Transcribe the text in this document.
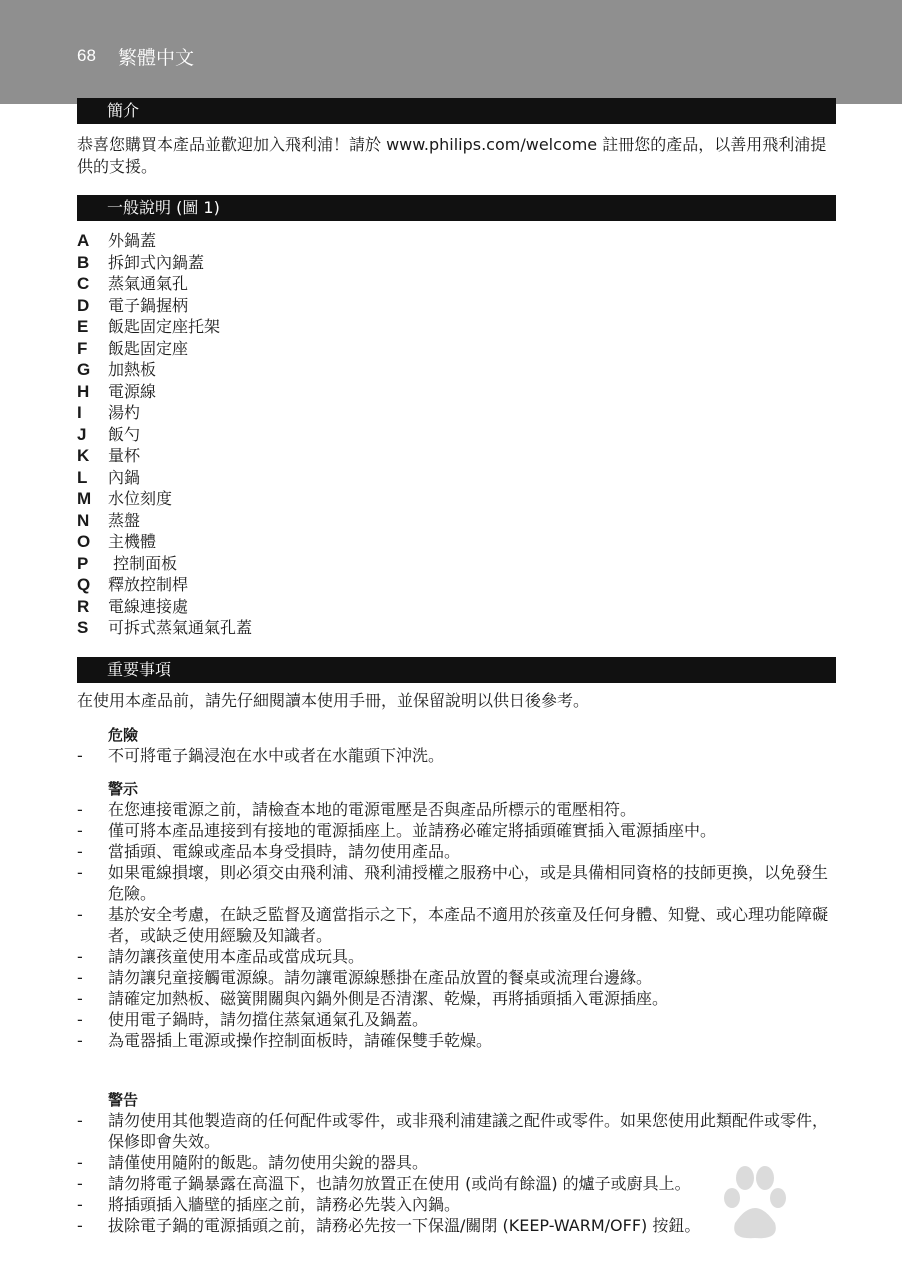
68 繁體中文
簡介
恭喜您購買本產品並歡迎加入飛利浦！請於 www.philips.com/welcome 註冊您的產品，以善用飛利浦提供的支援。
一般說明 (圖 1)
A 外鍋蓋
B 拆卸式內鍋蓋
C 蒸氣通氣孔
D 電子鍋握柄
E 飯匙固定座托架
F 飯匙固定座
G 加熱板
H 電源線
I 湯杓
J 飯勺
K 量杯
L 內鍋
M 水位刻度
N 蒸盤
O 主機體
P 控制面板
Q 釋放控制桿
R 電線連接處
S 可拆式蒸氣通氣孔蓋
重要事項
在使用本產品前，請先仔細閱讀本使用手冊，並保留說明以供日後參考。
危險
- 不可將電子鍋浸泡在水中或者在水龍頭下沖洗。
警示
- 在您連接電源之前，請檢查本地的電源電壓是否與產品所標示的電壓相符。
- 僅可將本產品連接到有接地的電源插座上。並請務必確定將插頭確實插入電源插座中。
- 當插頭、電線或產品本身受損時，請勿使用產品。
- 如果電線損壞，則必須交由飛利浦、飛利浦授權之服務中心，或是具備相同資格的技師更換，以免發生危險。
- 基於安全考慮，在缺乏監督及適當指示之下，本產品不適用於孩童及任何身體、知覺、或心理功能障礙者，或缺乏使用經驗及知識者。
- 請勿讓孩童使用本產品或當成玩具。
- 請勿讓兒童接觸電源線。請勿讓電源線懸掛在產品放置的餐桌或流理台邊緣。
- 請確定加熱板、磁簧開關與內鍋外側是否清潔、乾燥，再將插頭插入電源插座。
- 使用電子鍋時，請勿擋住蒸氣通氣孔及鍋蓋。
- 為電器插上電源或操作控制面板時，請確保雙手乾燥。
警告
- 請勿使用其他製造商的任何配件或零件，或非飛利浦建議之配件或零件。如果您使用此類配件或零件，保修即會失效。
- 請僅使用隨附的飯匙。請勿使用尖銳的器具。
- 請勿將電子鍋暴露在高溫下，也請勿放置正在使用 (或尚有餘溫) 的爐子或廚具上。
- 將插頭插入牆壁的插座之前，請務必先裝入內鍋。
- 拔除電子鍋的電源插頭之前，請務必先按一下保溫/關閉 (KEEP-WARM/OFF) 按鈕。
